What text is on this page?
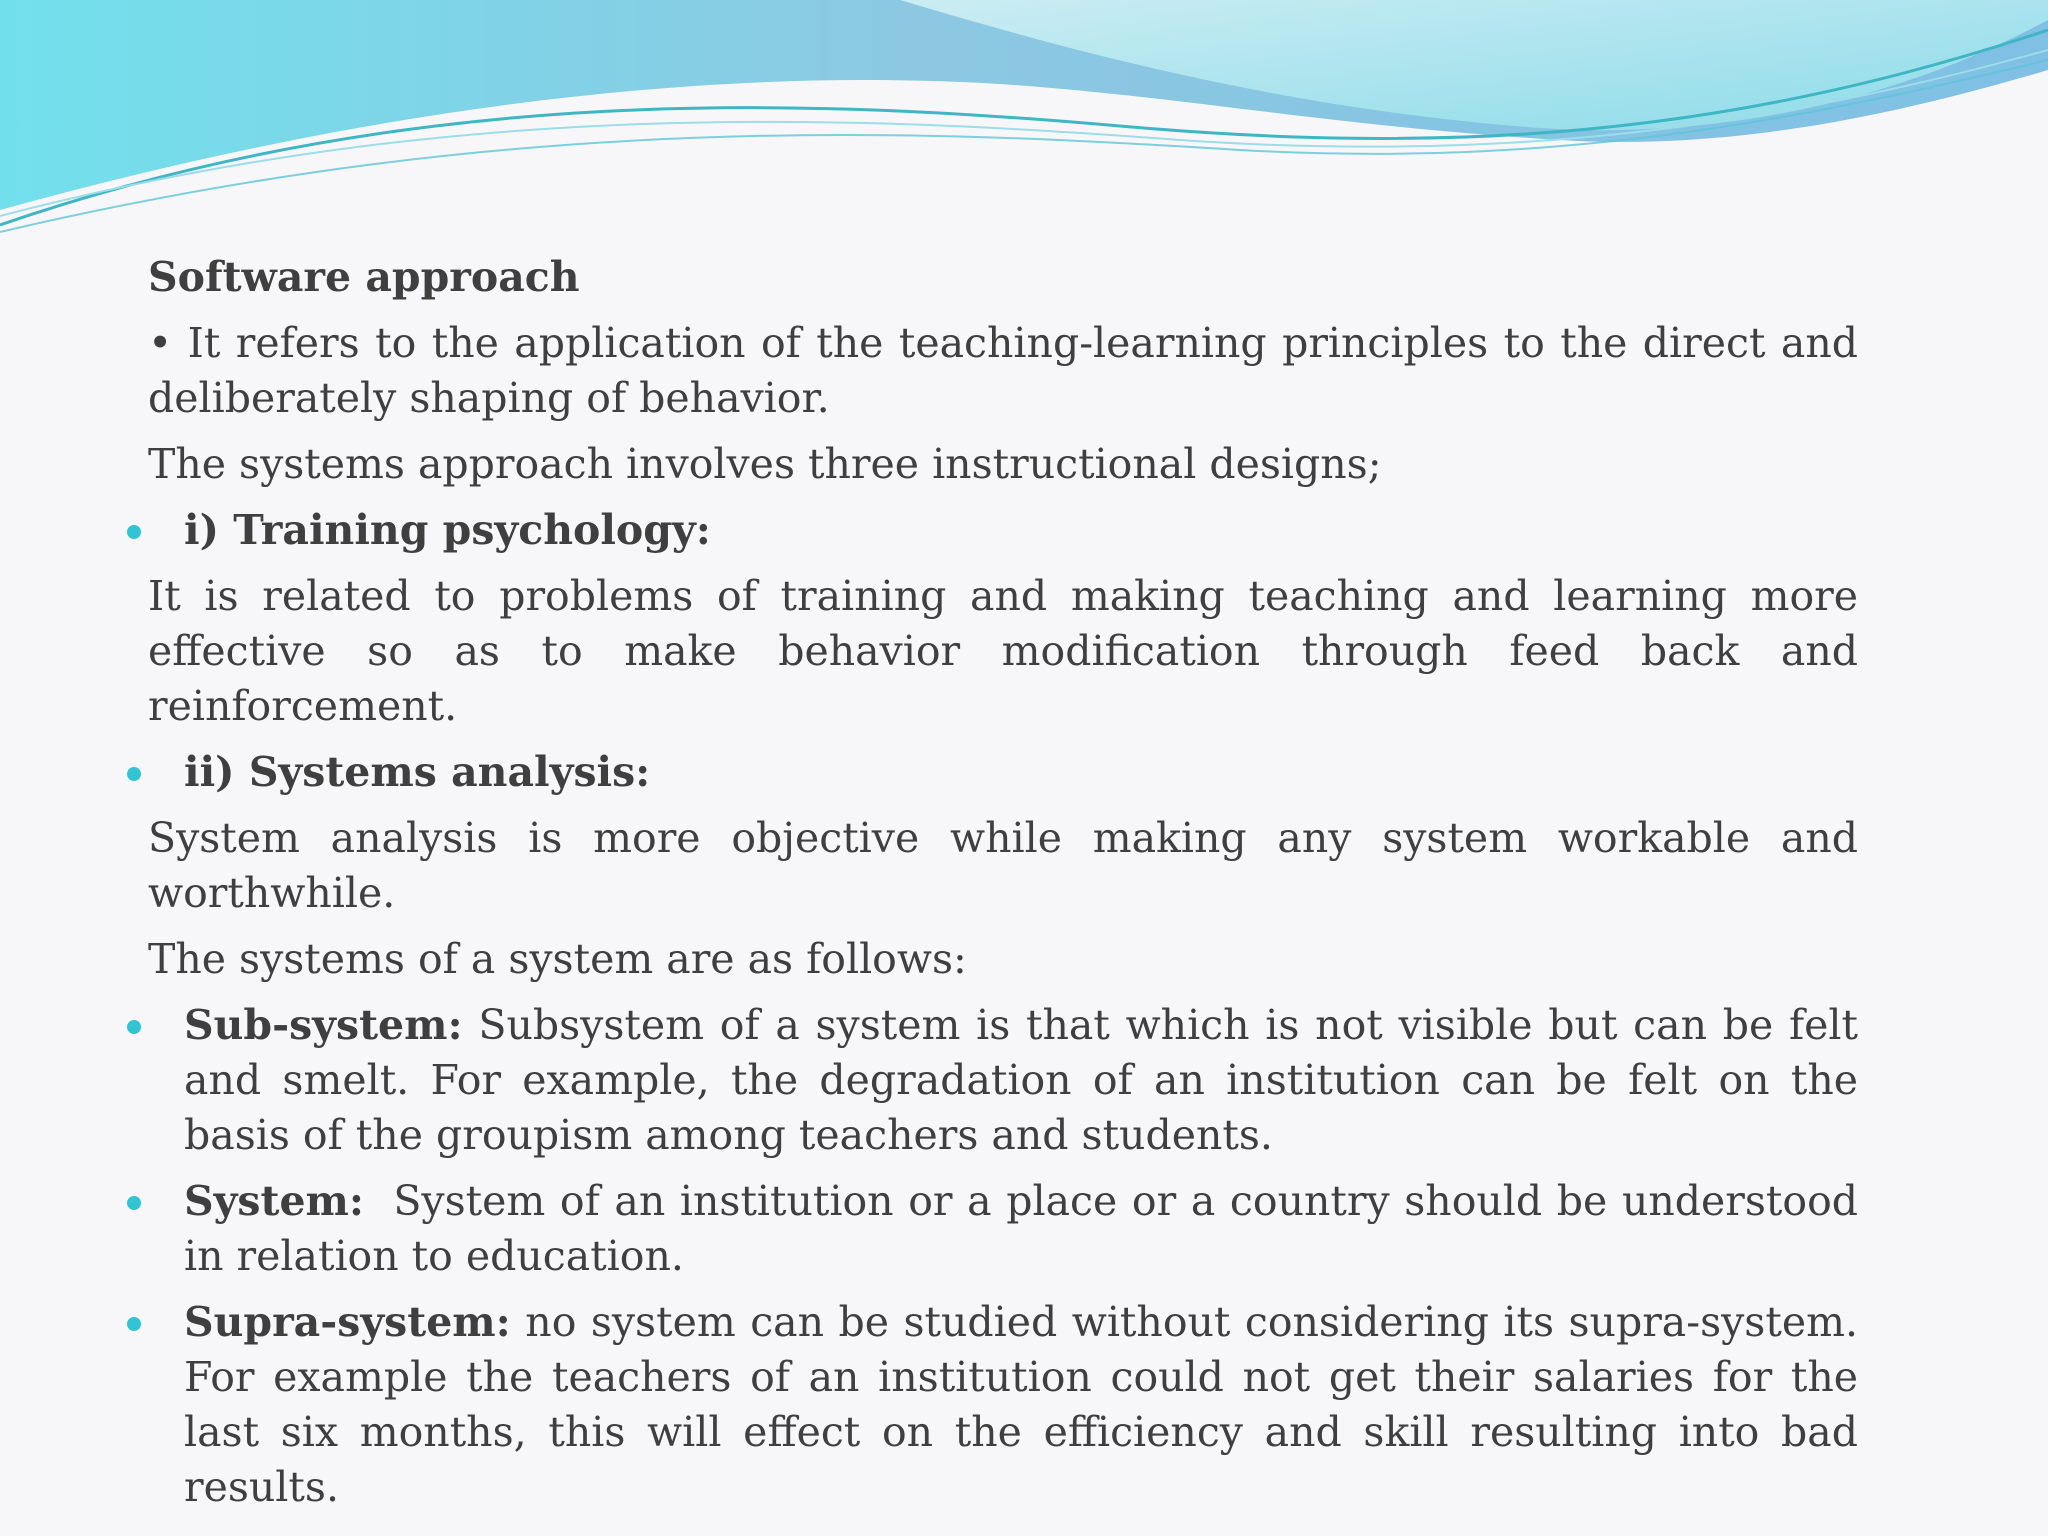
Software approach

• It refers to the application of the teaching-learning principles to the direct and deliberately shaping of behavior.

The systems approach involves three instructional designs;

i) Training psychology:

It is related to problems of training and making teaching and learning more effective so as to make behavior modification through feed back and reinforcement.

ii) Systems analysis:

System analysis is more objective while making any system workable and worthwhile.

The systems of a system are as follows:

Sub-system: Subsystem of a system is that which is not visible but can be felt and smelt. For example, the degradation of an institution can be felt on the basis of the groupism among teachers and students.

System:  System of an institution or a place or a country should be understood in relation to education.

Supra-system: no system can be studied without considering its supra-system. For example the teachers of an institution could not get their salaries for the last six months, this will effect on the efficiency and skill resulting into bad results.
